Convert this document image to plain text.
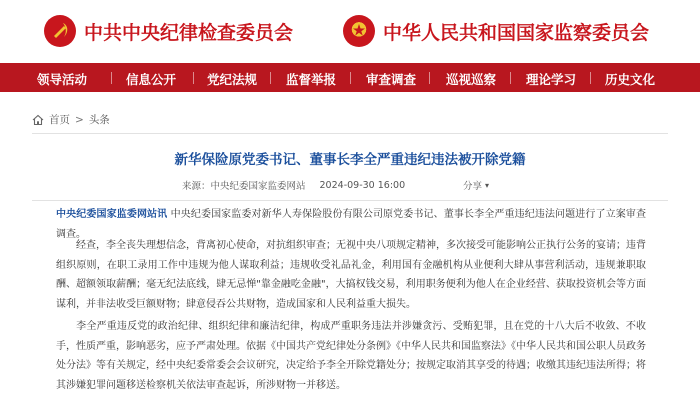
中共中央纪律检查委员会	中华人民共和国国家监察委员会
领导活动	信息公开 党纪法规 监督举报 审查调查 巡视巡察 理论学习 历史文化
首页 > 头条
新华保险原党委书记、董事长李全严重违纪违法被开除党籍
来源：中央纪委国家监委网站 2024-09-30 16:00	分享 ▾

中央纪委国家监委网站讯 中央纪委国家监委对新华人寿保险股份有限公司原党委书记、董事长李全严重违纪违法问题进行了立案审查调查。

经查，李全丧失理想信念，背离初心使命，对抗组织审查；无视中央八项规定精神，多次接受可能影响公正执行公务的宴请；违背组织原则，在职工录用工作中违规为他人谋取利益；违规收受礼品礼金，利用国有金融机构从业便利大肆从事营利活动，违规兼职取酬、超额领取薪酬；毫无纪法底线，肆无忌惮"靠金融吃金融"，大搞权钱交易，利用职务便利为他人在企业经营、获取投资机会等方面谋利，并非法收受巨额财物；肆意侵吞公共财物，造成国家和人民利益重大损失。

李全严重违反党的政治纪律、组织纪律和廉洁纪律，构成严重职务违法并涉嫌贪污、受贿犯罪，且在党的十八大后不收敛、不收手，性质严重，影响恶劣，应予严肃处理。依据《中国共产党纪律处分条例》《中华人民共和国监察法》《中华人民共和国公职人员政务处分法》等有关规定，经中央纪委常委会会议研究，决定给予李全开除党籍处分；按规定取消其享受的待遇；收缴其违纪违法所得；将其涉嫌犯罪问题移送检察机关依法审查起诉，所涉财物一并移送。
